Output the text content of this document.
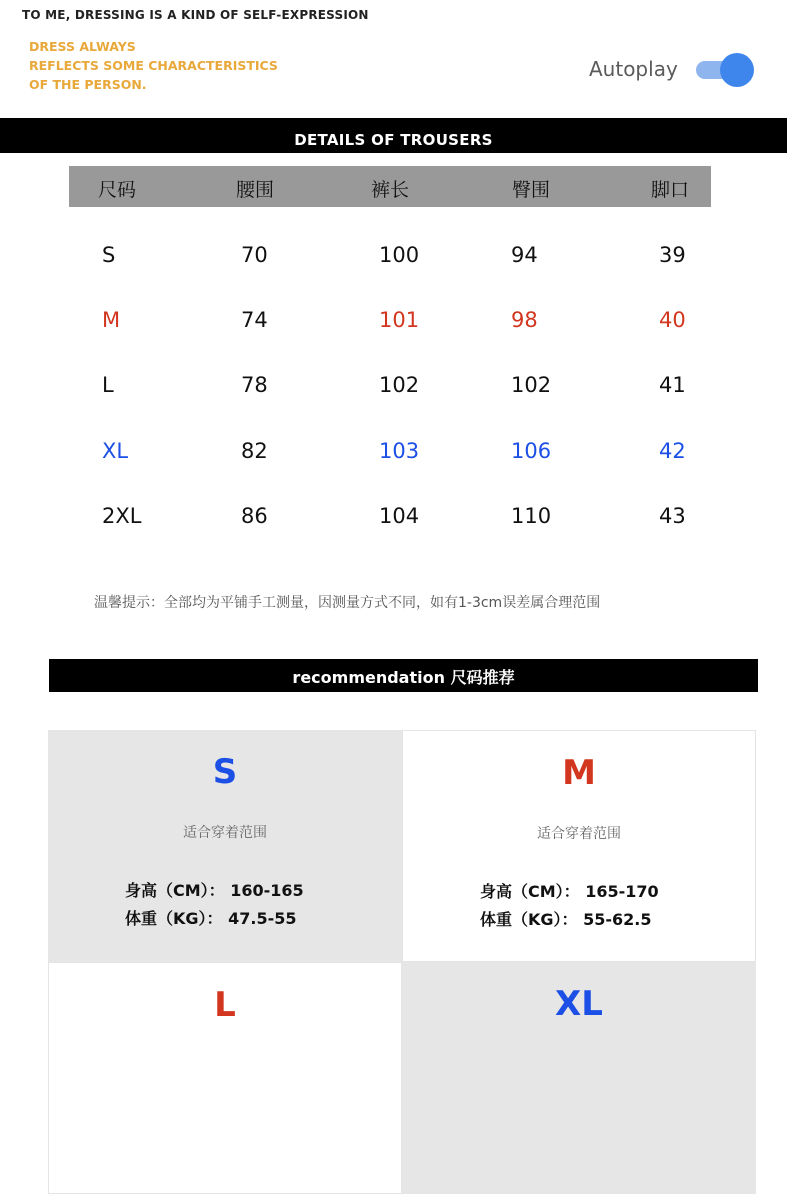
TO ME, DRESSING IS A KIND OF SELF-EXPRESSION
DRESS ALWAYS
REFLECTS SOME CHARACTERISTICS
OF THE PERSON.
Autoplay
DETAILS OF TROUSERS
尺码	腰围	裤长	臀围	脚口
S	70	100	94	39
M	74	101	98	40
L	78	102	102	41
XL	82	103	106	42
2XL	86	104	110	43
温馨提示：全部均为平铺手工测量，因测量方式不同，如有1-3cm误差属合理范围
recommendation 尺码推荐
S
适合穿着范围
身高（CM）： 160-165
体重（KG）： 47.5-55
M
适合穿着范围
身高（CM）： 165-170
体重（KG）： 55-62.5
L	XL
